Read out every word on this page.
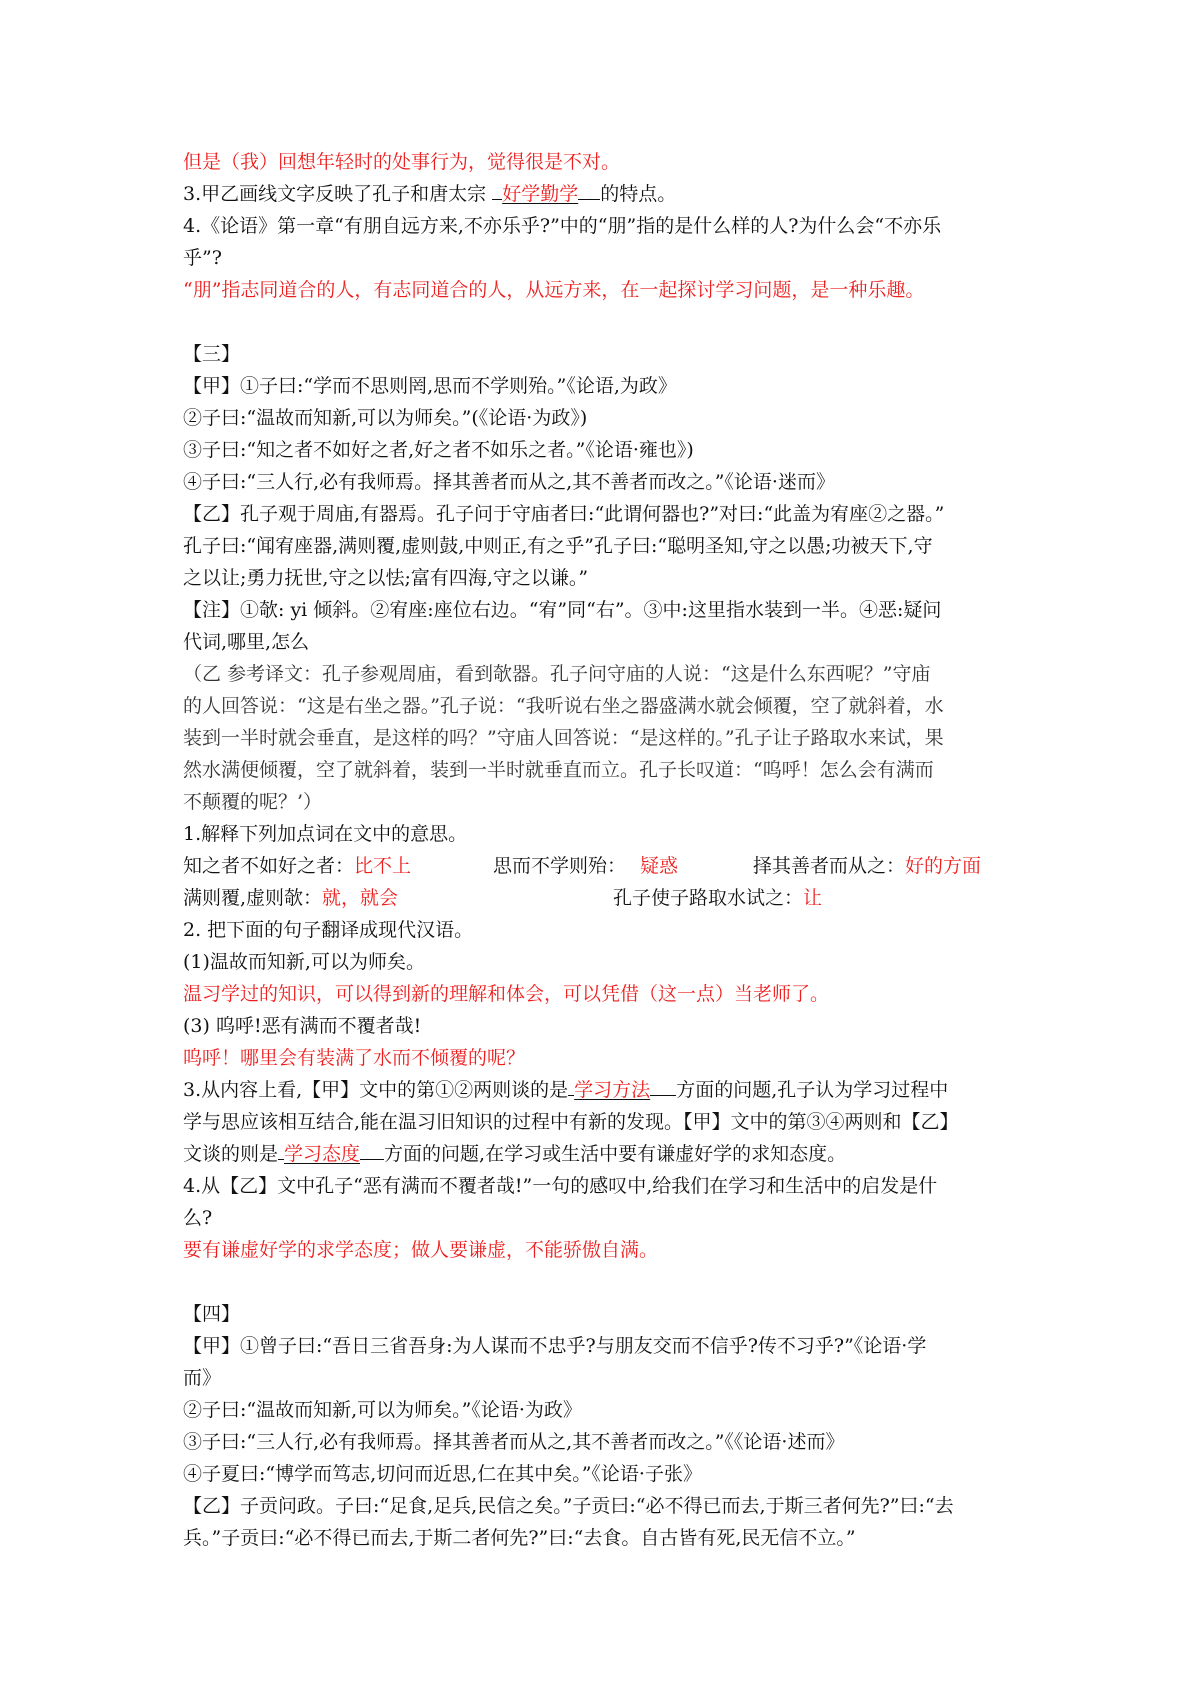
但是（我）回想年轻时的处事行为，觉得很是不对。
3.甲乙画线文字反映了孔子和唐太宗 好学勤学 的特点。
4.《论语》第一章“有朋自远方来,不亦乐乎?”中的“朋”指的是什么样的人?为什么会“不亦乐
乎”?
“朋”指志同道合的人，有志同道合的人，从远方来，在一起探讨学习问题，是一种乐趣。
【三】
【甲】①子曰:“学而不思则罔,思而不学则殆。”《论语,为政》
②子曰:“温故而知新,可以为师矣。”(《论语·为政》)
③子曰:“知之者不如好之者,好之者不如乐之者。”《论语·雍也》)
④子曰:“三人行,必有我师焉。择其善者而从之,其不善者而改之。”《论语·迷而》
【乙】孔子观于周庙,有器焉。孔子问于守庙者曰:“此谓何器也?”对曰:“此盖为宥座②之器。”
孔子曰:“闻宥座器,满则覆,虚则鼓,中则正,有之乎”孔子曰:“聪明圣知,守之以愚;功被天下,守
之以让;勇力抚世,守之以怯;富有四海,守之以谦。”
【注】①欹: yi 倾斜。②宥座:座位右边。“宥”同“右”。③中:这里指水装到一半。④恶:疑问
代词,哪里,怎么
（乙 参考译文：孔子参观周庙，看到欹器。孔子问守庙的人说：“这是什么东西呢？”守庙
的人回答说：“这是右坐之器。”孔子说：“我听说右坐之器盛满水就会倾覆，空了就斜着，水
装到一半时就会垂直，是这样的吗？”守庙人回答说：“是这样的。”孔子让子路取水来试，果
然水满便倾覆，空了就斜着，装到一半时就垂直而立。孔子长叹道：“呜呼！怎么会有满而
不颠覆的呢？’）
1.解释下列加点词在文中的意思。
知之者不如好之者：比不上	思而不学则殆： 疑惑	择其善者而从之：好的方面
满则覆,虚则欹：就，就会	孔子使子路取水试之：让
2. 把下面的句子翻译成现代汉语。
(1)温故而知新,可以为师矣。
温习学过的知识，可以得到新的理解和体会，可以凭借（这一点）当老师了。
(3) 呜呼!恶有满而不覆者哉!
呜呼！哪里会有装满了水而不倾覆的呢？
3.从内容上看,【甲】文中的第①②两则谈的是 学习方法 方面的问题,孔子认为学习过程中
学与思应该相互结合,能在温习旧知识的过程中有新的发现。【甲】文中的第③④两则和【乙】
文谈的则是 学习态度 方面的问题,在学习或生活中要有谦虚好学的求知态度。
4.从【乙】文中孔子“恶有满而不覆者哉!”一句的感叹中,给我们在学习和生活中的启发是什
么?
要有谦虚好学的求学态度；做人要谦虚，不能骄傲自满。
【四】
【甲】①曾子曰:“吾日三省吾身:为人谋而不忠乎?与朋友交而不信乎?传不习乎?”《论语·学
而》
②子曰:“温故而知新,可以为师矣。”《论语·为政》
③子曰:“三人行,必有我师焉。择其善者而从之,其不善者而改之。”《《论语·述而》
④子夏曰:“博学而笃志,切问而近思,仁在其中矣。”《论语·子张》
【乙】子贡问政。子曰:“足食,足兵,民信之矣。”子贡曰:“必不得已而去,于斯三者何先?”曰:“去
兵。”子贡曰:“必不得已而去,于斯二者何先?”曰:“去食。自古皆有死,民无信不立。”
